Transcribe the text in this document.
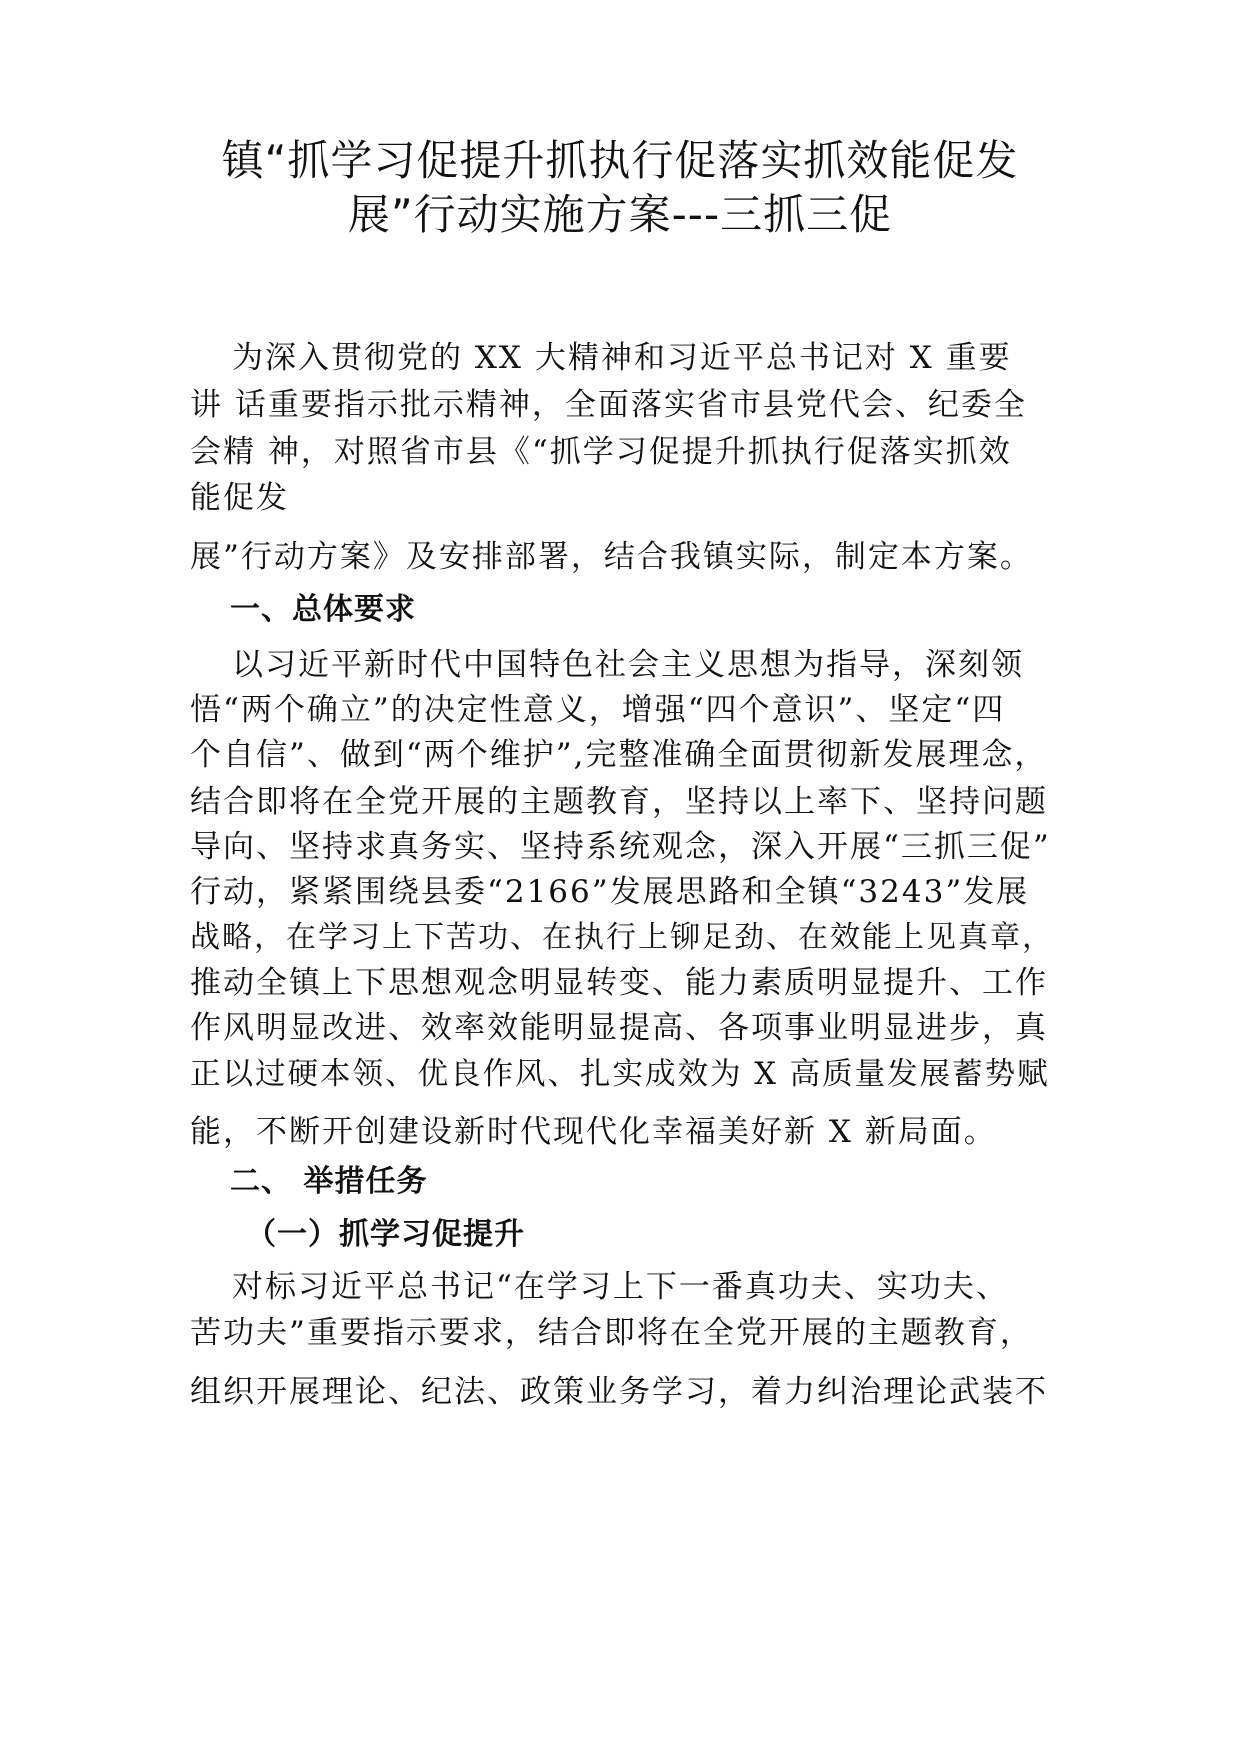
镇“抓学习促提升抓执行促落实抓效能促发
展”行动实施方案---三抓三促
为深入贯彻党的 XX 大精神和习近平总书记对 X 重要
讲 话重要指示批示精神，全面落实省市县党代会、纪委全
会精 神，对照省市县《“抓学习促提升抓执行促落实抓效
能促发
展”行动方案》及安排部署，结合我镇实际，制定本方案。
一、总体要求
以习近平新时代中国特色社会主义思想为指导，深刻领
悟“两个确立”的决定性意义，增强“四个意识”、坚定“四
个自信”、做到“两个维护”,完整准确全面贯彻新发展理念，
结合即将在全党开展的主题教育，坚持以上率下、坚持问题
导向、坚持求真务实、坚持系统观念，深入开展“三抓三促”
行动，紧紧围绕县委“2166”发展思路和全镇“3243”发展
战略，在学习上下苦功、在执行上铆足劲、在效能上见真章，
推动全镇上下思想观念明显转变、能力素质明显提升、工作
作风明显改进、效率效能明显提高、各项事业明显进步，真
正以过硬本领、优良作风、扎实成效为 X 高质量发展蓄势赋
能，不断开创建设新时代现代化幸福美好新 X 新局面。
二、 举措任务
（一）抓学习促提升
对标习近平总书记“在学习上下一番真功夫、实功夫、
苦功夫”重要指示要求，结合即将在全党开展的主题教育，
组织开展理论、纪法、政策业务学习，着力纠治理论武装不
